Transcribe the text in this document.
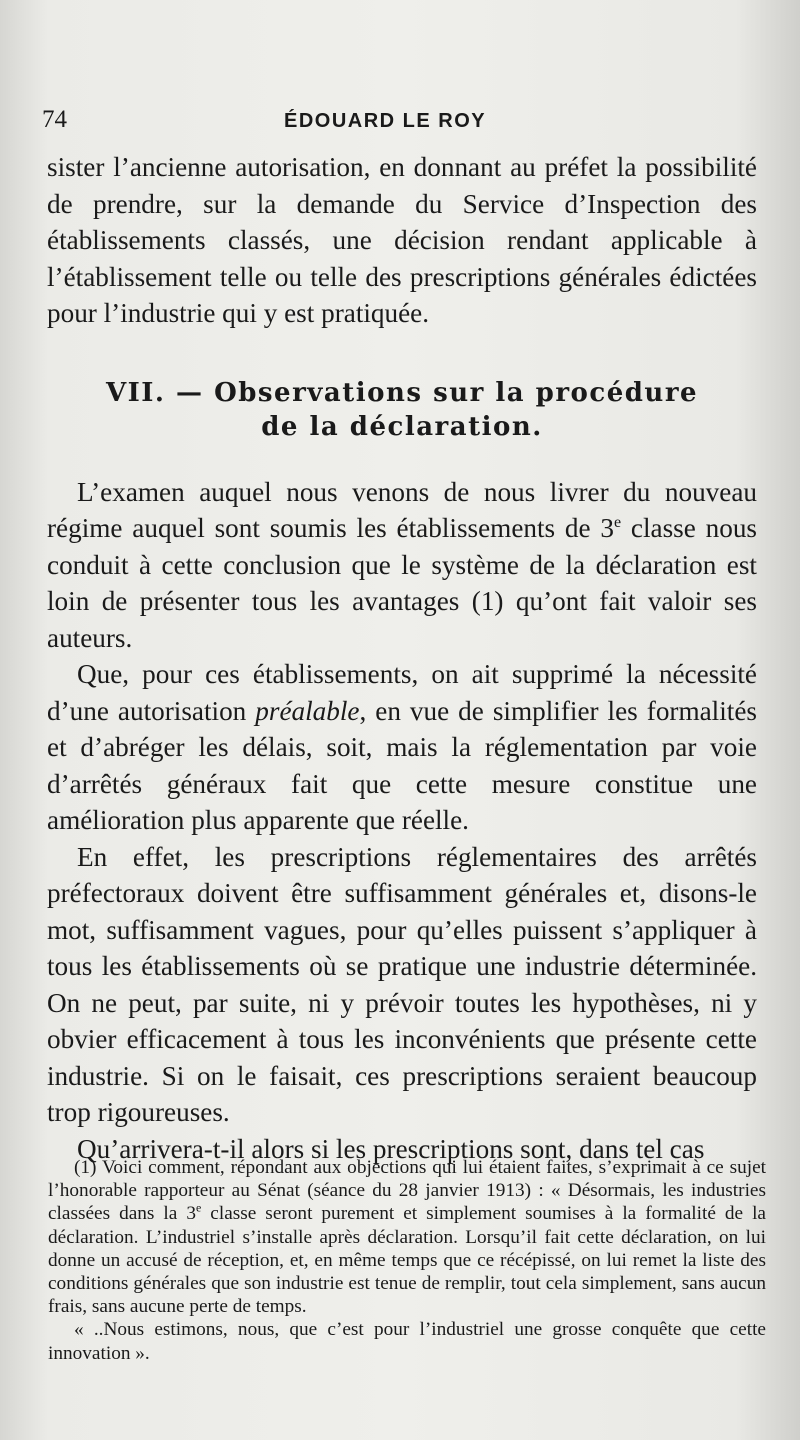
74	ÉDOUARD LE ROY

sister l’ancienne autorisation, en donnant au préfet la possibilité de prendre, sur la demande du Service d’Inspection des établissements classés, une décision rendant applicable à l’établissement telle ou telle des prescriptions générales édictées pour l’industrie qui y est pratiquée.

VII. — Observations sur la procédure
de la déclaration.

L’examen auquel nous venons de nous livrer du nouveau régime auquel sont soumis les établissements de 3e classe nous conduit à cette conclusion que le système de la déclaration est loin de présenter tous les avantages (1) qu’ont fait valoir ses auteurs.

Que, pour ces établissements, on ait supprimé la nécessité d’une autorisation préalable, en vue de simplifier les formalités et d’abréger les délais, soit, mais la réglementation par voie d’arrêtés généraux fait que cette mesure constitue une amélioration plus apparente que réelle.

En effet, les prescriptions réglementaires des arrêtés préfectoraux doivent être suffisamment générales et, disons-le mot, suffisamment vagues, pour qu’elles puissent s’appliquer à tous les établissements où se pratique une industrie déterminée. On ne peut, par suite, ni y prévoir toutes les hypothèses, ni y obvier efficacement à tous les inconvénients que présente cette industrie. Si on le faisait, ces prescriptions seraient beaucoup trop rigoureuses.

Qu’arrivera-t-il alors si les prescriptions sont, dans tel cas

(1) Voici comment, répondant aux objections qui lui étaient faites, s’exprimait à ce sujet l’honorable rapporteur au Sénat (séance du 28 janvier 1913) : « Désormais, les industries classées dans la 3e classe seront purement et simplement soumises à la formalité de la déclaration. L’industriel s’installe après déclaration. Lorsqu’il fait cette déclaration, on lui donne un accusé de réception, et, en même temps que ce récépissé, on lui remet la liste des conditions générales que son industrie est tenue de remplir, tout cela simplement, sans aucun frais, sans aucune perte de temps.

« ..Nous estimons, nous, que c’est pour l’industriel une grosse conquête que cette innovation ».
